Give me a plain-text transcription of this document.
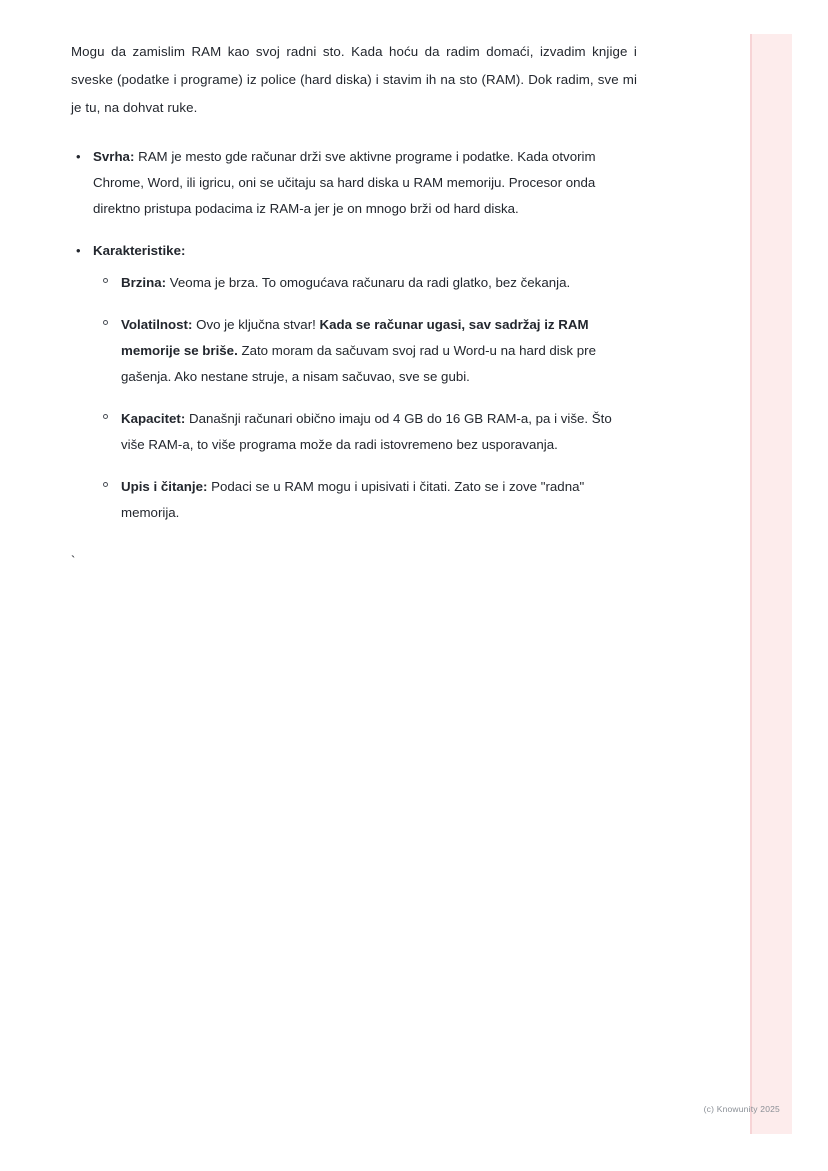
Mogu da zamislim RAM kao svoj radni sto. Kada hoću da radim domaći, izvadim knjige i sveske (podatke i programe) iz police (hard diska) i stavim ih na sto (RAM). Dok radim, sve mi je tu, na dohvat ruke.

• Svrha: RAM je mesto gde računar drži sve aktivne programe i podatke. Kada otvorim Chrome, Word, ili igricu, oni se učitaju sa hard diska u RAM memoriju. Procesor onda direktno pristupa podacima iz RAM-a jer je on mnogo brži od hard diska.
• Karakteristike:
Brzina: Veoma je brza. To omogućava računaru da radi glatko, bez čekanja.
Volatilnost: Ovo je ključna stvar! Kada se računar ugasi, sav sadržaj iz RAM memorije se briše. Zato moram da sačuvam svoj rad u Word-u na hard disk pre gašenja. Ako nestane struje, a nisam sačuvao, sve se gubi.
Kapacitet: Današnji računari obično imaju od 4 GB do 16 GB RAM-a, pa i više. Što više RAM-a, to više programa može da radi istovremeno bez usporavanja.
Upis i čitanje: Podaci se u RAM mogu i upisivati i čitati. Zato se i zove "radna" memorija.
`
(c) Knowunity 2025
